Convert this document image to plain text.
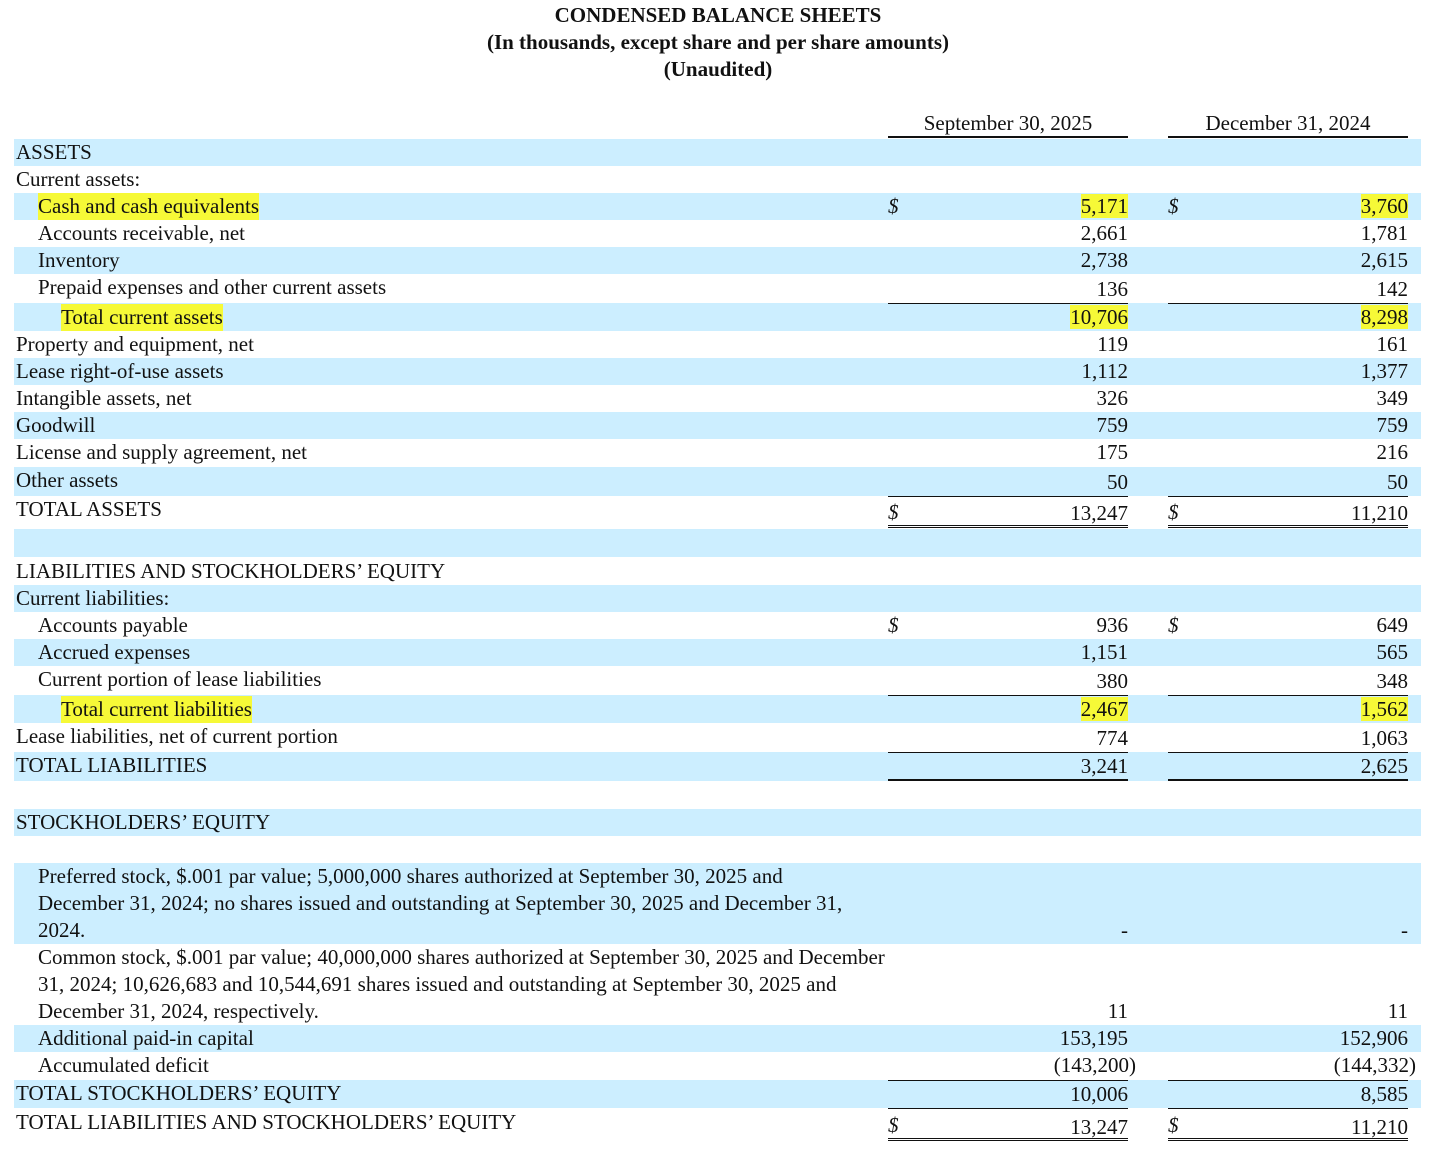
CONDENSED BALANCE SHEETS
(In thousands, except share and per share amounts)
(Unaudited)
September 30, 2025	December 31, 2024
ASSETS
Current assets:
Cash and cash equivalents	$	5,171 $	3,760
Accounts receivable, net	2,661	1,781
Inventory	2,738	2,615
Prepaid expenses and other current assets	136	142
Total current assets	10,706	8,298
Property and equipment, net	119	161
Lease right-of-use assets	1,112	1,377
Intangible assets, net	326	349
Goodwill	759	759
License and supply agreement, net	175	216
Other assets	50	50
TOTAL ASSETS	$	13,247 $	11,210
LIABILITIES AND STOCKHOLDERS’ EQUITY
Current liabilities:
Accounts payable	$	936 $	649
Accrued expenses	1,151	565
Current portion of lease liabilities	380	348
Total current liabilities	2,467	1,562
Lease liabilities, net of current portion	774	1,063
TOTAL LIABILITIES	3,241	2,625
STOCKHOLDERS’ EQUITY
Preferred stock, $.001 par value; 5,000,000 shares authorized at September 30, 2025 and December 31, 2024; no shares issued and outstanding at September 30, 2025 and December 31, 2024.	-	-
Common stock, $.001 par value; 40,000,000 shares authorized at September 30, 2025 and December 31, 2024; 10,626,683 and 10,544,691 shares issued and outstanding at September 30, 2025 and December 31, 2024, respectively.	11	11
Additional paid-in capital	153,195	152,906
Accumulated deficit	(143,200)	(144,332)
TOTAL STOCKHOLDERS’ EQUITY	10,006	8,585
TOTAL LIABILITIES AND STOCKHOLDERS’ EQUITY	$	13,247 $	11,210
